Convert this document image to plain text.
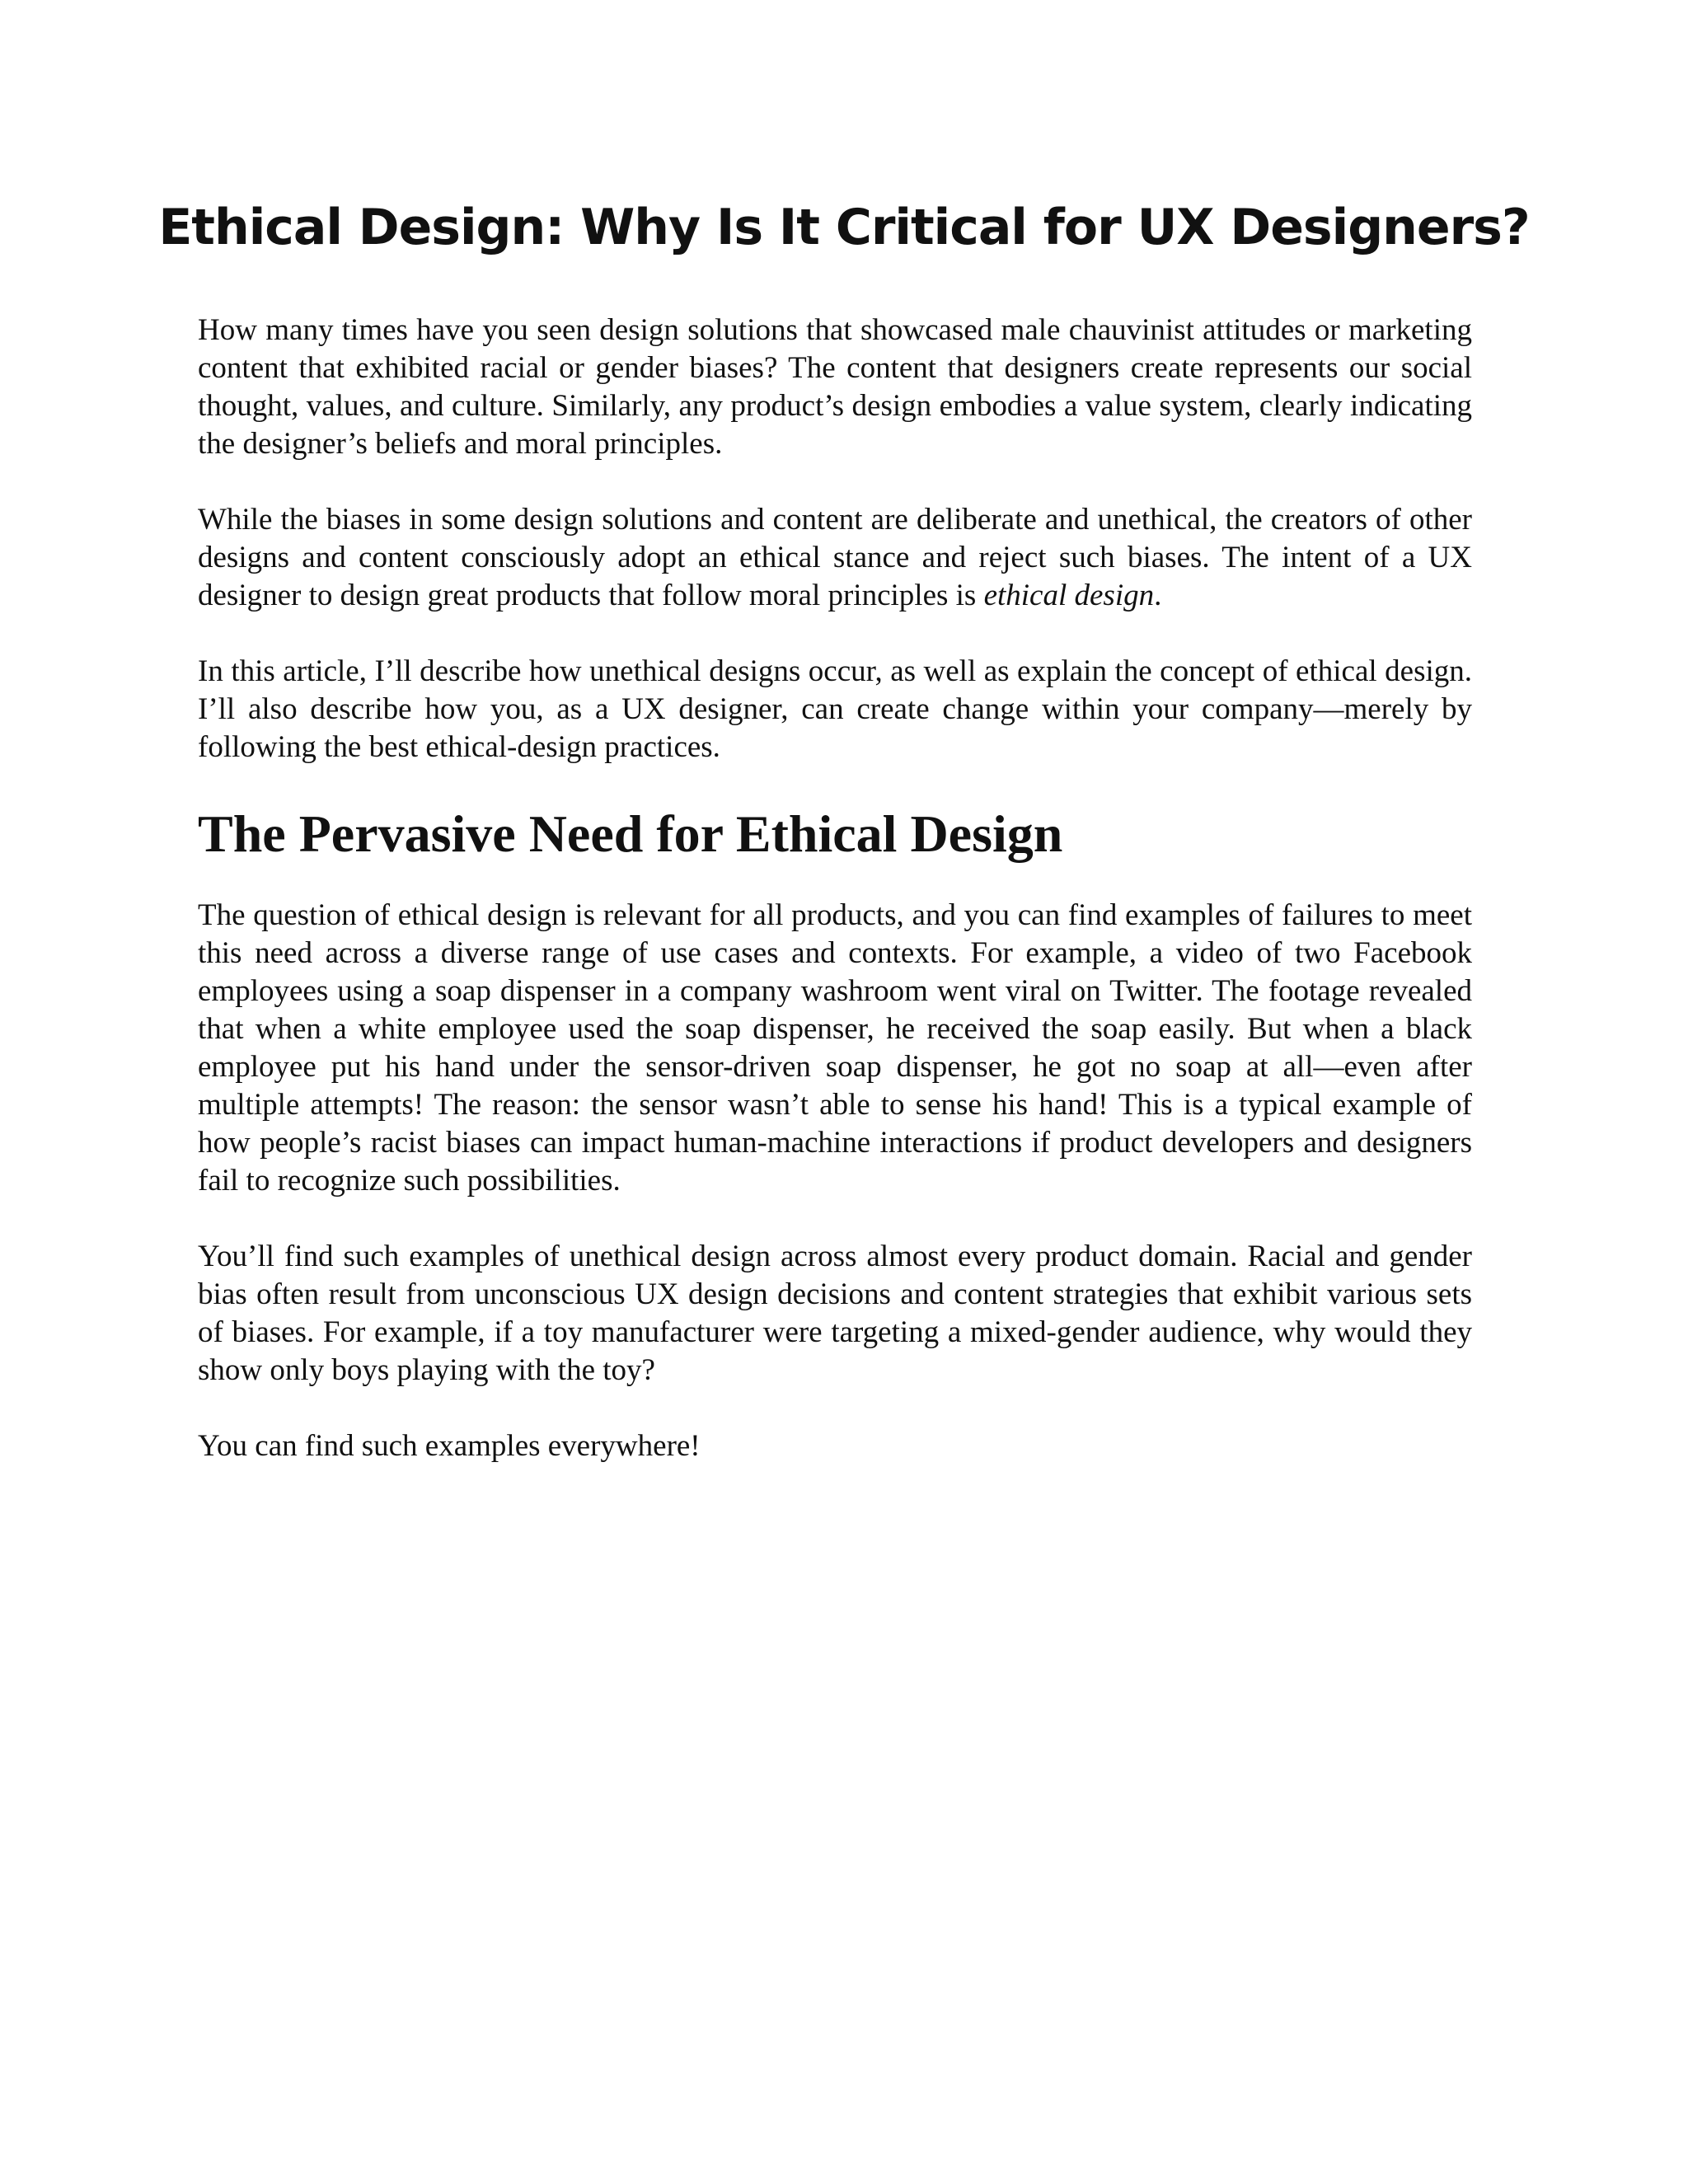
Ethical Design: Why Is It Critical for UX Designers?

How many times have you seen design solutions that showcased male chauvinist attitudes or marketing content that exhibited racial or gender biases? The content that designers create represents our social thought, values, and culture. Similarly, any product’s design embodies a value system, clearly indicating the designer’s beliefs and moral principles.

While the biases in some design solutions and content are deliberate and unethical, the creators of other designs and content consciously adopt an ethical stance and reject such biases. The intent of a UX designer to design great products that follow moral principles is ethical design.

In this article, I’ll describe how unethical designs occur, as well as explain the concept of ethical design. I’ll also describe how you, as a UX designer, can create change within your company—merely by following the best ethical-design practices.

The Pervasive Need for Ethical Design

The question of ethical design is relevant for all products, and you can find examples of failures to meet this need across a diverse range of use cases and contexts. For example, a video of two Facebook employees using a soap dispenser in a company washroom went viral on Twitter. The footage revealed that when a white employee used the soap dispenser, he received the soap easily. But when a black employee put his hand under the sensor-driven soap dispenser, he got no soap at all—even after multiple attempts! The reason: the sensor wasn’t able to sense his hand! This is a typical example of how people’s racist biases can impact human-machine interactions if product developers and designers fail to recognize such possibilities.

You’ll find such examples of unethical design across almost every product domain. Racial and gender bias often result from unconscious UX design decisions and content strategies that exhibit various sets of biases. For example, if a toy manufacturer were targeting a mixed-gender audience, why would they show only boys playing with the toy?

You can find such examples everywhere!
